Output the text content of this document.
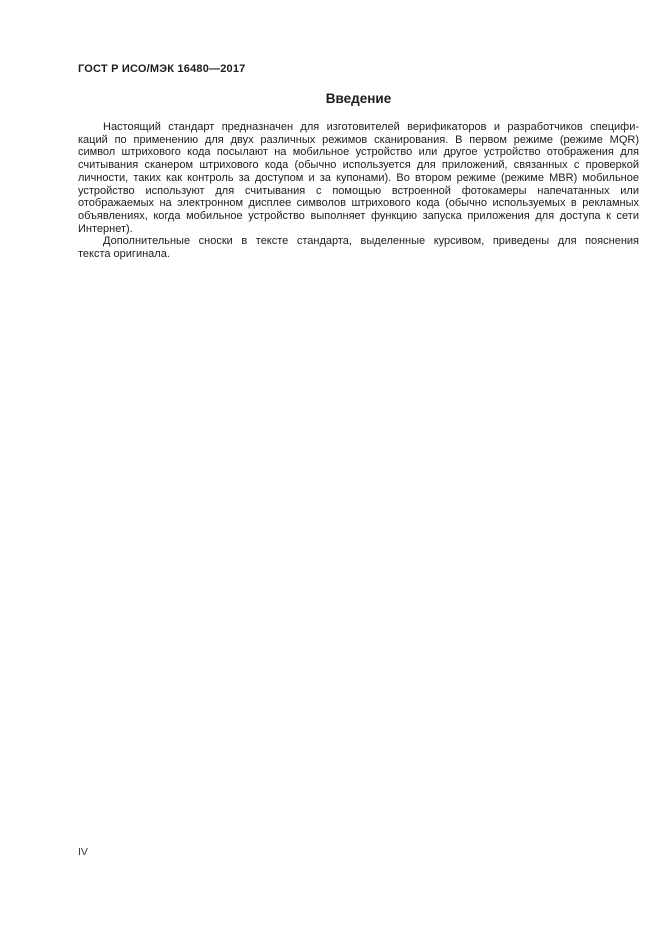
ГОСТ Р ИСО/МЭК 16480—2017
Введение

Настоящий стандарт предназначен для изготовителей верификаторов и разработчиков специфи-
каций по применению для двух различных режимов сканирования. В первом режиме (режиме MQR)
символ штрихового кода посылают на мобильное устройство или другое устройство отображения для
считывания сканером штрихового кода (обычно используется для приложений, связанных с проверкой
личности, таких как контроль за доступом и за купонами). Во втором режиме (режиме MBR) мобильное
устройство используют для считывания с помощью встроенной фотокамеры напечатанных или
отображаемых на электронном дисплее символов штрихового кода (обычно используемых в рекламных
объявлениях, когда мобильное устройство выполняет функцию запуска приложения для доступа к сети
Интернет).

Дополнительные сноски в тексте стандарта, выделенные курсивом, приведены для пояснения
текста оригинала.

IV
